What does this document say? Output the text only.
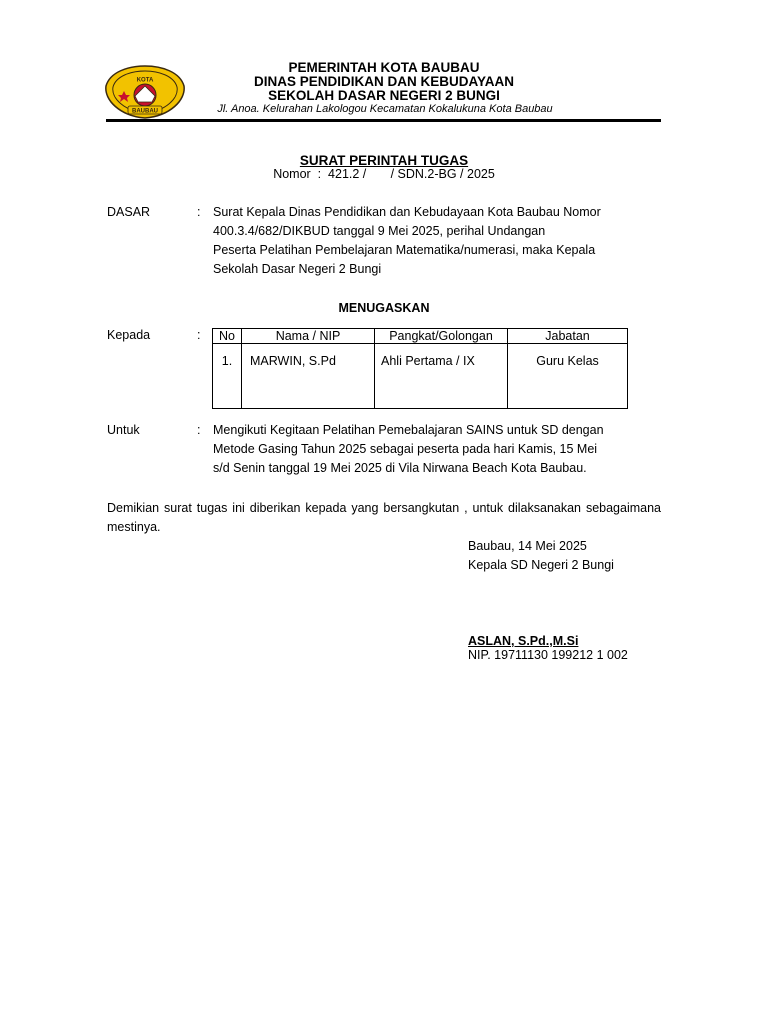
KOTA
BAUBAU
PEMERINTAH KOTA BAUBAU
DINAS PENDIDIKAN DAN KEBUDAYAAN
SEKOLAH DASAR NEGERI 2 BUNGI
Jl. Anoa. Kelurahan Lakologou Kecamatan Kokalukuna Kota Baubau
SURAT PERINTAH TUGAS
Nomor  :  421.2 /       / SDN.2-BG / 2025
DASAR	: Surat Kepala Dinas Pendidikan dan Kebudayaan Kota Baubau Nomor
400.3.4/682/DIKBUD tanggal 9 Mei 2025, perihal Undangan
Peserta Pelatihan Pembelajaran Matematika/numerasi, maka Kepala
Sekolah Dasar Negeri 2 Bungi
MENUGASKAN
Kepada	: No	Nama / NIP	Pangkat/Golongan	Jabatan
1.	MARWIN, S.Pd	Ahli Pertama / IX	Guru Kelas
Untuk	: Mengikuti Kegitaan Pelatihan Pemebalajaran SAINS untuk SD dengan
Metode Gasing Tahun 2025 sebagai peserta pada hari Kamis, 15 Mei
s/d Senin tanggal 19 Mei 2025 di Vila Nirwana Beach Kota Baubau.
Demikian surat tugas ini diberikan kepada yang bersangkutan , untuk dilaksanakan sebagaimana mestinya.
Baubau, 14 Mei 2025
Kepala SD Negeri 2 Bungi
ASLAN, S.Pd.,M.Si
NIP. 19711130 199212 1 002
